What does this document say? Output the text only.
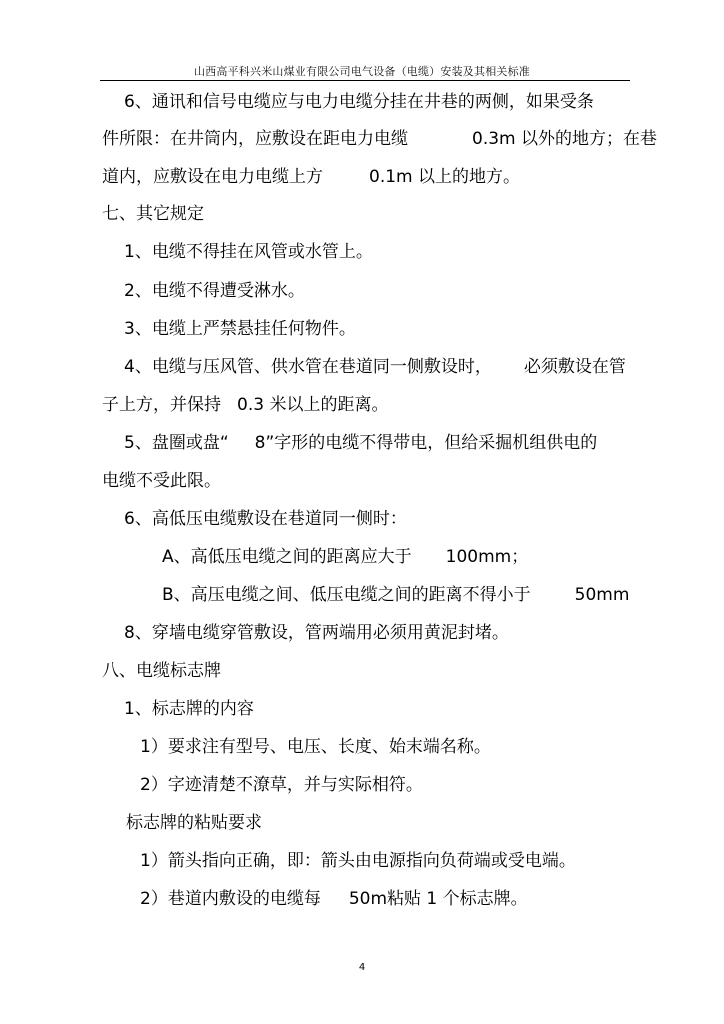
山西高平科兴米山煤业有限公司电气设备（电缆）安装及其相关标准
6、通讯和信号电缆应与电力电缆分挂在井巷的两侧，如果受条
件所限：在井筒内，应敷设在距电力电缆	0.3m 以外的地方；在巷
道内，应敷设在电力电缆上方	0.1m 以上的地方。
七、其它规定
1、电缆不得挂在风管或水管上。
2、电缆不得遭受淋水。
3、电缆上严禁悬挂任何物件。
4、电缆与压风管、供水管在巷道同一侧敷设时， 必须敷设在管
子上方，并保持 0.3 米以上的距离。
5、盘圈或盘“ 8”字形的电缆不得带电，但给采掘机组供电的
电缆不受此限。
6、高低压电缆敷设在巷道同一侧时：
A、高低压电缆之间的距离应大于 100mm；
B、高压电缆之间、低压电缆之间的距离不得小于	50mm
8、穿墙电缆穿管敷设，管两端用必须用黄泥封堵。
八、电缆标志牌
1、标志牌的内容
1）要求注有型号、电压、长度、始末端名称。
2）字迹清楚不潦草，并与实际相符。
标志牌的粘贴要求
1）箭头指向正确，即：箭头由电源指向负荷端或受电端。
2）巷道内敷设的电缆每 50m粘贴 1 个标志牌。
4
